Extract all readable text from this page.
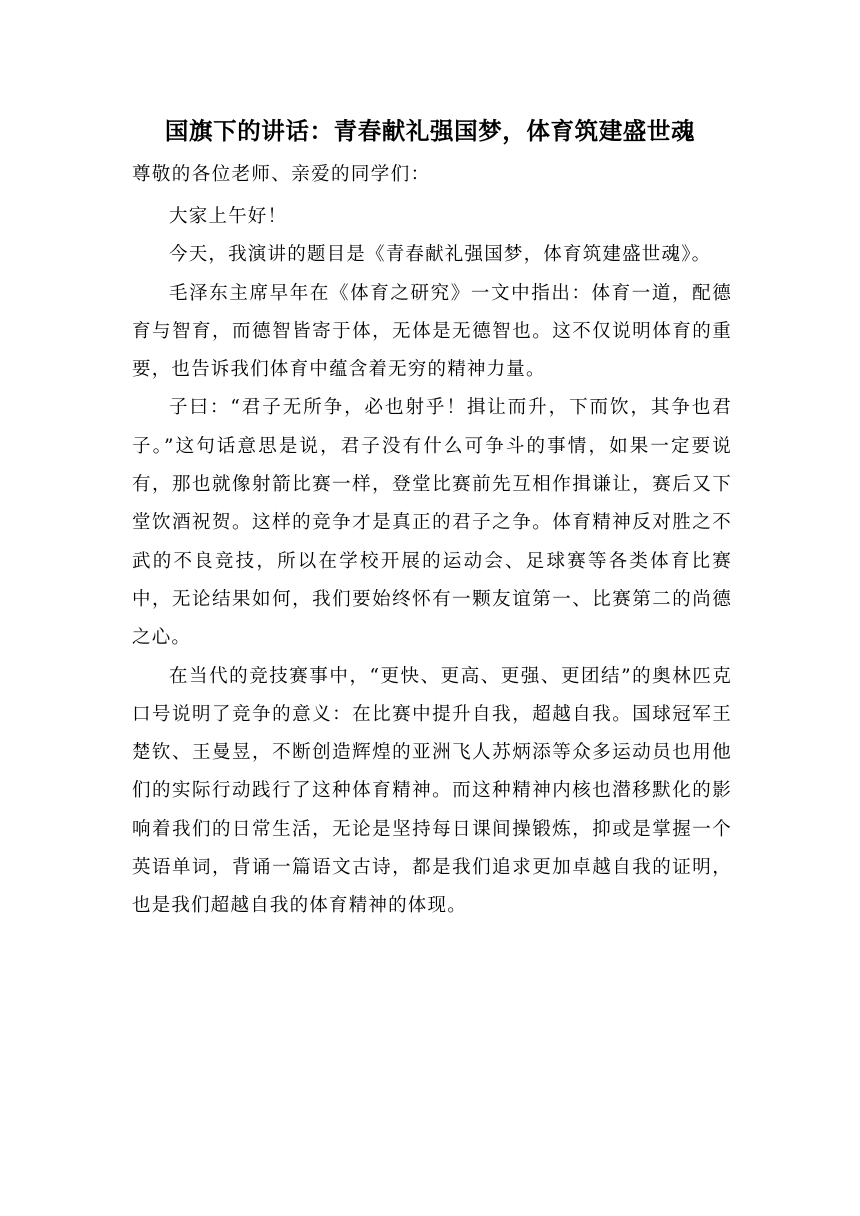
国旗下的讲话：青春献礼强国梦，体育筑建盛世魂

尊敬的各位老师、亲爱的同学们：

大家上午好！

今天，我演讲的题目是《青春献礼强国梦，体育筑建盛世魂》。

毛泽东主席早年在《体育之研究》一文中指出：体育一道，配德育与智育，而德智皆寄于体，无体是无德智也。这不仅说明体育的重要，也告诉我们体育中蕴含着无穷的精神力量。

子曰：“君子无所争，必也射乎！揖让而升，下而饮，其争也君子。”这句话意思是说，君子没有什么可争斗的事情，如果一定要说有，那也就像射箭比赛一样，登堂比赛前先互相作揖谦让，赛后又下堂饮酒祝贺。这样的竞争才是真正的君子之争。体育精神反对胜之不武的不良竞技，所以在学校开展的运动会、足球赛等各类体育比赛中，无论结果如何，我们要始终怀有一颗友谊第一、比赛第二的尚德之心。

在当代的竞技赛事中，“更快、更高、更强、更团结”的奥林匹克口号说明了竞争的意义：在比赛中提升自我，超越自我。国球冠军王楚钦、王曼昱，不断创造辉煌的亚洲飞人苏炳添等众多运动员也用他们的实际行动践行了这种体育精神。而这种精神内核也潜移默化的影响着我们的日常生活，无论是坚持每日课间操锻炼，抑或是掌握一个英语单词，背诵一篇语文古诗，都是我们追求更加卓越自我的证明，也是我们超越自我的体育精神的体现。
